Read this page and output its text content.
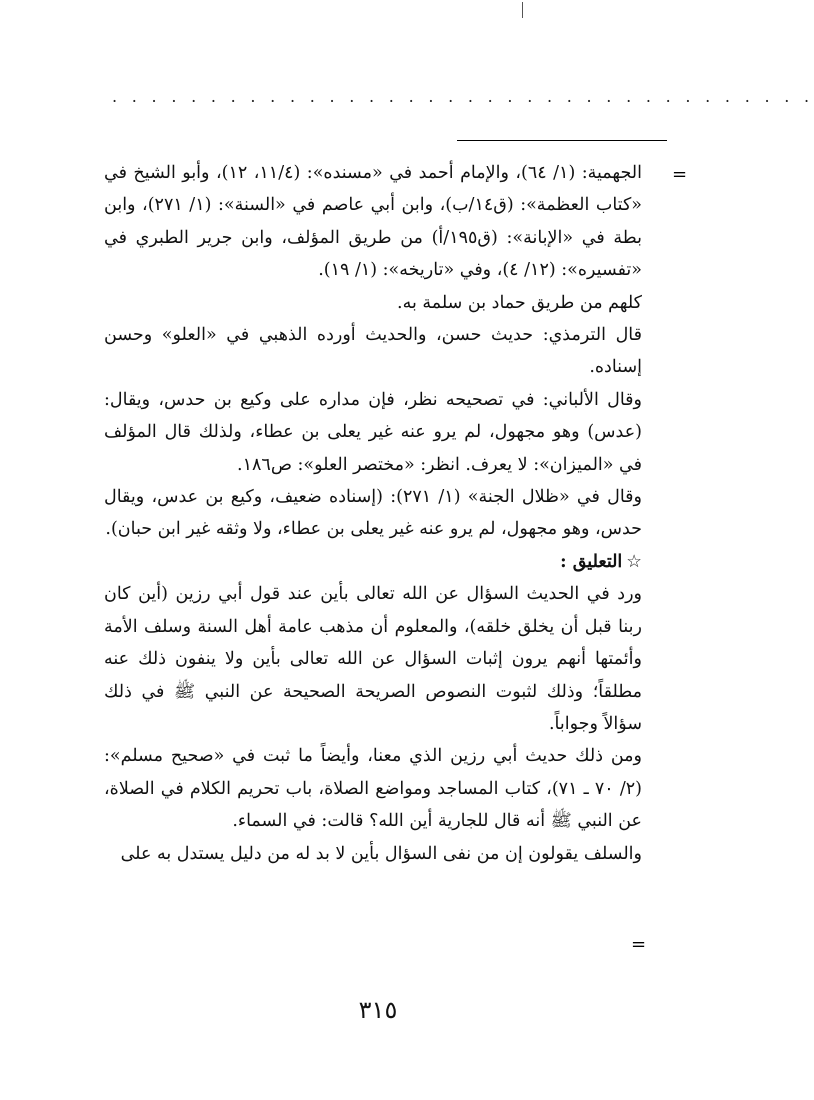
. . . . . . . . . . . . . . . . . . . . . . . . . . . . . . . . . . . .
=

الجهمية: (١/ ٦٤)، والإمام أحمد في «مسنده»: (١١/٤، ١٢)، وأبو الشيخ في «كتاب العظمة»: (ق١٤/ب)، وابن أبي عاصم في «السنة»: (١/ ٢٧١)، وابن بطة في «الإبانة»: (ق١٩٥/أ) من طريق المؤلف، وابن جرير الطبري في «تفسيره»: (١٢/ ٤)، وفي «تاريخه»: (١/ ١٩).

كلهم من طريق حماد بن سلمة به.

قال الترمذي: حديث حسن، والحديث أورده الذهبي في «العلو» وحسن إسناده.

وقال الألباني: في تصحيحه نظر، فإن مداره على وكيع بن حدس، ويقال: (عدس) وهو مجهول، لم يرو عنه غير يعلى بن عطاء، ولذلك قال المؤلف في «الميزان»: لا يعرف. انظر: «مختصر العلو»: ص١٨٦.

وقال في «ظلال الجنة» (١/ ٢٧١): (إسناده ضعيف، وكيع بن عدس، ويقال حدس، وهو مجهول، لم يرو عنه غير يعلى بن عطاء، ولا وثقه غير ابن حبان).

☆التعليق :

ورد في الحديث السؤال عن الله تعالى بأين عند قول أبي رزين (أين كان ربنا قبل أن يخلق خلقه)، والمعلوم أن مذهب عامة أهل السنة وسلف الأمة وأئمتها أنهم يرون إثبات السؤال عن الله تعالى بأين ولا ينفون ذلك عنه مطلقاً؛ وذلك لثبوت النصوص الصريحة الصحيحة عن النبي ﷺ في ذلك سؤالاً وجواباً.

ومن ذلك حديث أبي رزين الذي معنا، وأيضاً ما ثبت في «صحيح مسلم»: (٢/ ٧٠ ـ ٧١)، كتاب المساجد ومواضع الصلاة، باب تحريم الكلام في الصلاة، عن النبي ﷺ أنه قال للجارية أين الله؟ قالت: في السماء.

والسلف يقولون إن من نفى السؤال بأين لا بد له من دليل يستدل به على

=
٣١٥
